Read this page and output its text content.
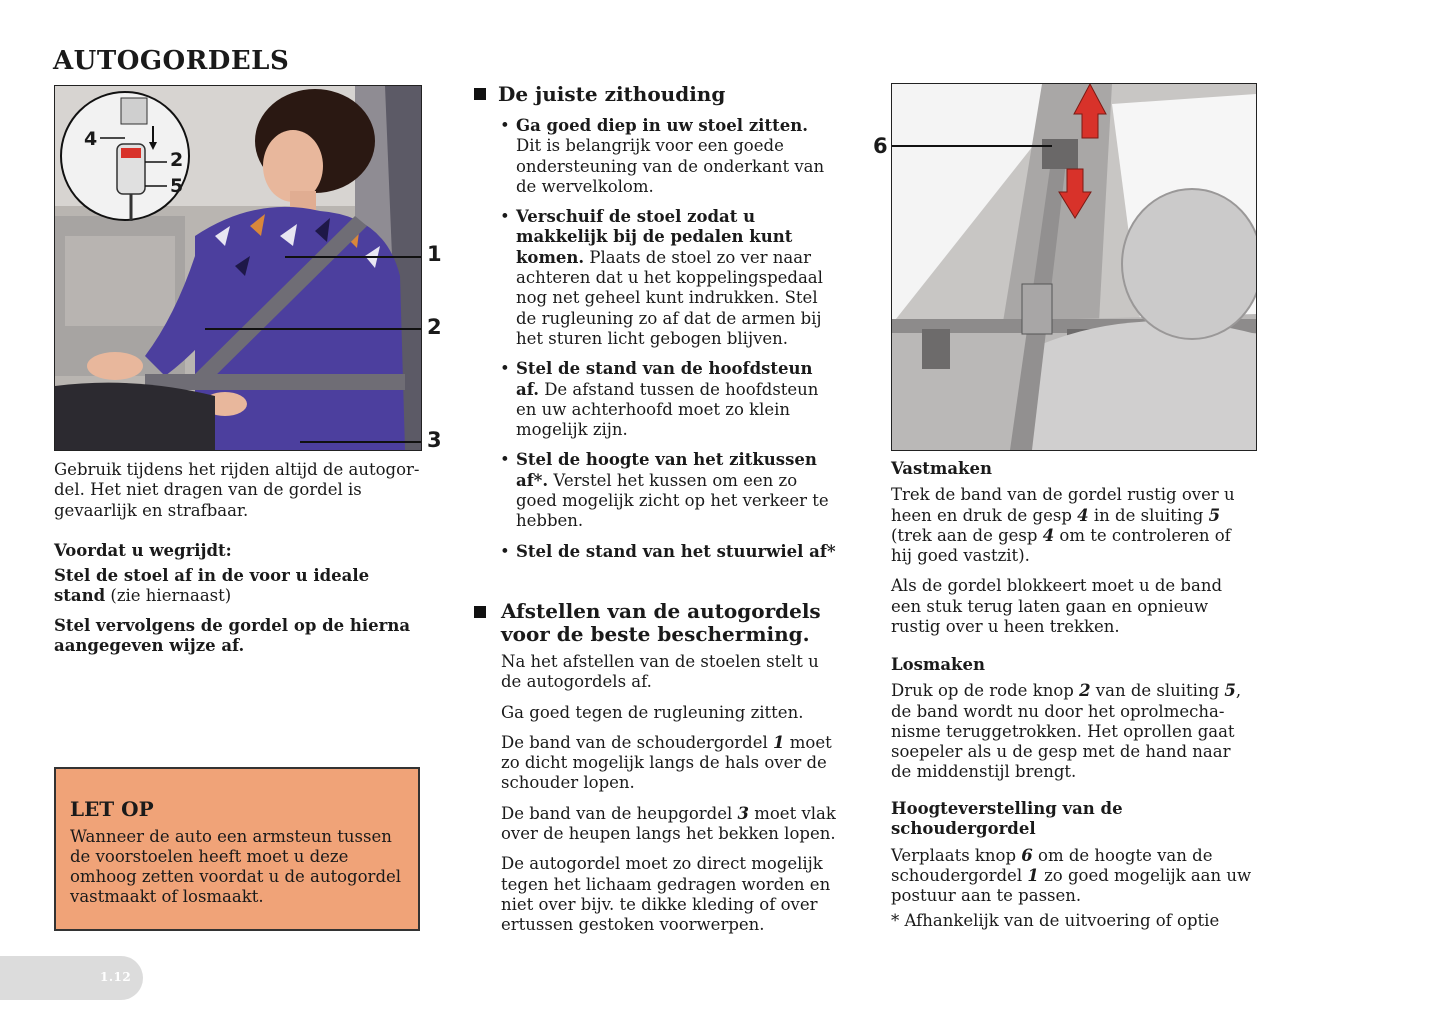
AUTOGORDELS
4
2
5
1
2
3
Gebruik tijdens het rijden altijd de autogordel. Het niet dragen van de gordel is gevaarlijk en strafbaar.
Voordat u wegrijdt:
Stel de stoel af in de voor u ideale stand (zie hiernaast)
Stel vervolgens de gordel op de hierna aangegeven wijze af.
LET OP
Wanneer de auto een armsteun tussen de voorstoelen heeft moet u deze omhoog zetten voordat u de autogordel vastmaakt of losmaakt.
De juiste zithouding
• Ga goed diep in uw stoel zitten. Dit is belangrijk voor een goede ondersteuning van de onderkant van de wervelkolom.
• Verschuif de stoel zodat u makkelijk bij de pedalen kunt komen. Plaats de stoel zo ver naar achteren dat u het koppelingspedaal nog net geheel kunt indrukken. Stel de rugleuning zo af dat de armen bij het sturen licht gebogen blijven.
• Stel de stand van de hoofdsteun af. De afstand tussen de hoofdsteun en uw achterhoofd moet zo klein mogelijk zijn.
• Stel de hoogte van het zitkussen af*. Verstel het kussen om een zo goed mogelijk zicht op het verkeer te hebben.
• Stel de stand van het stuurwiel af*
Afstellen van de autogordels voor de beste bescherming.

Na het afstellen van de stoelen stelt u de autogordels af.

Ga goed tegen de rugleuning zitten.

De band van de schoudergordel 1 moet zo dicht mogelijk langs de hals over de schouder lopen.

De band van de heupgordel 3 moet vlak over de heupen langs het bekken lopen.

De autogordel moet zo direct mogelijk tegen het lichaam gedragen worden en niet over bijv. te dikke kleding of over ertussen gestoken voorwerpen.

6
Vastmaken

Trek de band van de gordel rustig over u heen en druk de gesp 4 in de sluiting 5 (trek aan de gesp 4 om te controleren of hij goed vastzit).

Als de gordel blokkeert moet u de band een stuk terug laten gaan en opnieuw rustig over u heen trekken.

Losmaken

Druk op de rode knop 2 van de sluiting 5, de band wordt nu door het oprolmechanisme teruggetrokken. Het oprollen gaat soepeler als u de gesp met de hand naar de middenstijl brengt.

Hoogteverstelling van de schoudergordel

Verplaats knop 6 om de hoogte van de schoudergordel 1 zo goed mogelijk aan uw postuur aan te passen.

* Afhankelijk van de uitvoering of optie
1.12
